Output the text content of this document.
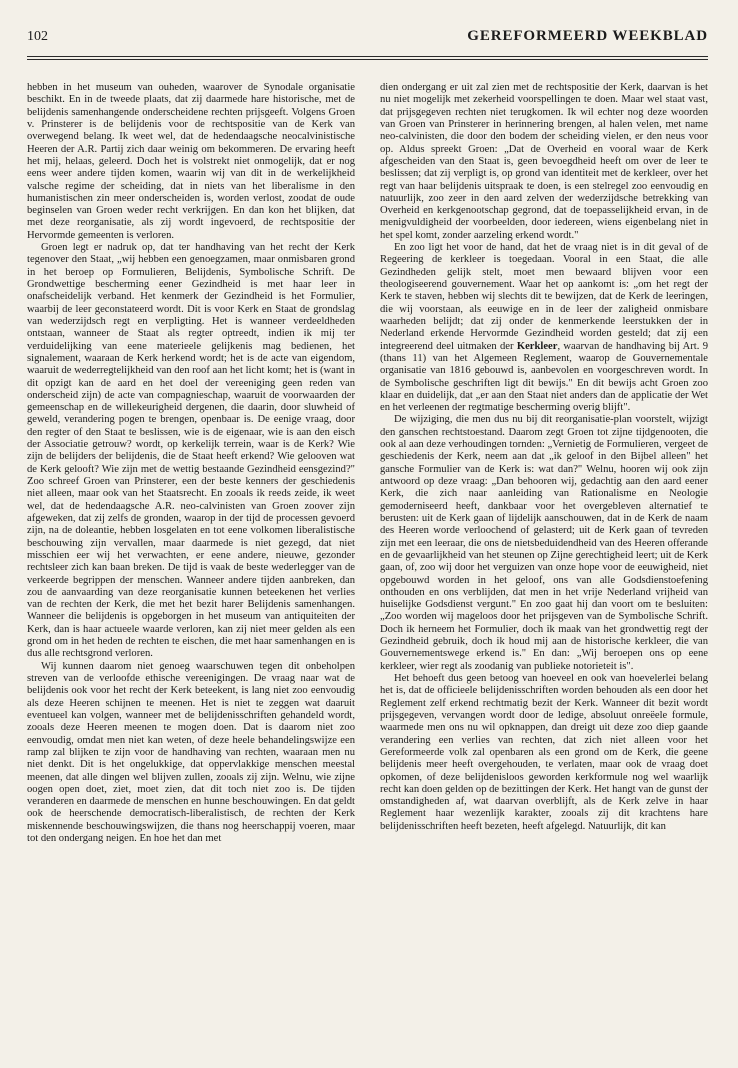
102	GEREFORMEERD WEEKBLAD

hebben in het museum van ouheden, waarover de Synodale organisatie beschikt. En in de tweede plaats, dat zij daarmede hare historische, met de belijdenis samenhangende onderscheidene rechten prijsgeeft. Volgens Groen v. Prinsterer is de belijdenis voor de rechtspositie van de Kerk van overwegend belang. Ik weet wel, dat de hedendaagsche neocalvinistische Heeren der A.R. Partij zich daar weinig om bekommeren. De ervaring heeft het mij, helaas, geleerd. Doch het is volstrekt niet onmogelijk, dat er nog eens weer andere tijden komen, waarin wij van dit in de werkelijkheid valsche regime der scheiding, dat in niets van het liberalisme in den humanistischen zin meer onderscheiden is, worden verlost, zoodat de oude beginselen van Groen weder recht verkrijgen. En dan kon het blijken, dat met deze reorganisatie, als zij wordt ingevoerd, de rechtspositie der Hervormde gemeenten is verloren.

Groen legt er nadruk op, dat ter handhaving van het recht der Kerk tegenover den Staat, „wij hebben een genoegzamen, maar onmisbaren grond in het beroep op Formulieren, Belijdenis, Symbolische Schrift. De Grondwettige bescherming eener Gezindheid is met haar leer in onafscheidelijk verband. Het kenmerk der Gezindheid is het Formulier, waarbij de leer geconstateerd wordt. Dit is voor Kerk en Staat de grondslag van wederzijdsch regt en verpligting. Het is wanneer verdeeldheden ontstaan, wanneer de Staat als regter optreedt, indien ik mij ter verduidelijking van eene materieele gelijkenis mag bedienen, het signalement, waaraan de Kerk herkend wordt; het is de acte van eigendom, waaruit de wederregtelijkheid van den roof aan het licht komt; het is (want in dit opzigt kan de aard en het doel der vereeniging geen reden van onderscheid zijn) de acte van compagnieschap, waaruit de voorwaarden der gemeenschap en de willekeurigheid dergenen, die daarin, door sluwheid of geweld, verandering pogen te brengen, openbaar is. De eenige vraag, door den regter of den Staat te beslissen, wie is de eigenaar, wie is aan den eisch der Associatie getrouw? wordt, op kerkelijk terrein, waar is de Kerk? Wie zijn de belijders der belijdenis, die de Staat heeft erkend? Wie gelooven wat de Kerk gelooft? Wie zijn met de wettig bestaande Gezindheid eensgezind?" Zoo schreef Groen van Prinsterer, een der beste kenners der geschiedenis niet alleen, maar ook van het Staatsrecht. En zooals ik reeds zeide, ik weet wel, dat de hedendaagsche A.R. neo-calvinisten van Groen zoover zijn afgeweken, dat zij zelfs de gronden, waarop in der tijd de processen gevoerd zijn, na de doleantie, hebben losgelaten en tot eene volkomen liberalistische beschouwing zijn vervallen, maar daarmede is niet gezegd, dat niet misschien eer wij het verwachten, er eene andere, nieuwe, gezonder rechtsleer zich kan baan breken. De tijd is vaak de beste wederlegger van de verkeerde begrippen der menschen. Wanneer andere tijden aanbreken, dan zou de aanvaarding van deze reorganisatie kunnen beteekenen het verlies van de rechten der Kerk, die met het bezit harer Belijdenis samenhangen. Wanneer die belijdenis is opgeborgen in het museum van antiquiteiten der Kerk, dan is haar actueele waarde verloren, kan zij niet meer gelden als een grond om in het heden de rechten te eischen, die met haar samenhangen en is dus alle rechtsgrond verloren.

Wij kunnen daarom niet genoeg waarschuwen tegen dit onbeholpen streven van de verloofde ethische vereenigingen. De vraag naar wat de belijdenis ook voor het recht der Kerk beteekent, is lang niet zoo eenvoudig als deze Heeren schijnen te meenen. Het is niet te zeggen wat daaruit eventueel kan volgen, wanneer met de belijdenisschriften gehandeld wordt, zooals deze Heeren meenen te mogen doen. Dat is daarom niet zoo eenvoudig, omdat men niet kan weten, of deze heele behandelingswijze een ramp zal blijken te zijn voor de handhaving van rechten, waaraan men nu niet denkt. Dit is het ongelukkige, dat oppervlakkige menschen meestal meenen, dat alle dingen wel blijven zullen, zooals zij zijn. Welnu, wie zijne oogen open doet, ziet, moet zien, dat dit toch niet zoo is. De tijden veranderen en daarmede de menschen en hunne beschouwingen. En dat geldt ook de heerschende democratisch-liberalistisch, de rechten der Kerk miskennende beschouwingswijzen, die thans nog heerschappij voeren, maar tot den ondergang neigen. En hoe het dan met

dien ondergang er uit zal zien met de rechtspositie der Kerk, daarvan is het nu niet mogelijk met zekerheid voorspellingen te doen. Maar wel staat vast, dat prijsgegeven rechten niet terugkomen. Ik wil echter nog deze woorden van Groen van Prinsterer in herinnering brengen, al halen velen, met name neo-calvinisten, die door den bodem der scheiding vielen, er den neus voor op. Aldus spreekt Groen: „Dat de Overheid en vooral waar de Kerk afgescheiden van den Staat is, geen bevoegdheid heeft om over de leer te beslissen; dat zij verpligt is, op grond van identiteit met de kerkleer, over het regt van haar belijdenis uitspraak te doen, is een stelregel zoo eenvoudig en natuurlijk, zoo zeer in den aard zelven der wederzijdsche betrekking van Overheid en kerkgenootschap gegrond, dat de toepasselijkheid ervan, in de menigvuldigheid der voorbeelden, door iedereen, wiens eigenbelang niet in het spel komt, zonder aarzeling erkend wordt."

En zoo ligt het voor de hand, dat het de vraag niet is in dit geval of de Regeering de kerkleer is toegedaan. Vooral in een Staat, die alle Gezindheden gelijk stelt, moet men bewaard blijven voor een theologiseerend gouvernement. Waar het op aankomt is: „om het regt der Kerk te staven, hebben wij slechts dit te bewijzen, dat de Kerk de leeringen, die wij voorstaan, als eeuwige en in de leer der zaligheid onmisbare waarheden belijdt; dat zij onder de kenmerkende leerstukken der in Nederland erkende Hervormde Gezindheid worden gesteld; dat zij een integreerend deel uitmaken der Kerkleer, waarvan de handhaving bij Art. 9 (thans 11) van het Algemeen Reglement, waarop de Gouvernementale organisatie van 1816 gebouwd is, aanbevolen en voorgeschreven wordt. In de Symbolische geschriften ligt dit bewijs." En dit bewijs acht Groen zoo klaar en duidelijk, dat „er aan den Staat niet anders dan de applicatie der Wet en het verleenen der regtmatige bescherming overig blijft".

De wijziging, die men dus nu bij dit reorganisatie-plan voorstelt, wijzigt den ganschen rechtstoestand. Daarom zegt Groen tot zijne tijdgenooten, die ook al aan deze verhoudingen tornden: „Vernietig de Formulieren, vergeet de geschiedenis der Kerk, neem aan dat „ik geloof in den Bijbel alleen" het gansche Formulier van de Kerk is: wat dan?" Welnu, hooren wij ook zijn antwoord op deze vraag: „Dan behooren wij, gedachtig aan den aard eener Kerk, die zich naar aanleiding van Rationalisme en Neologie gemoderniseerd heeft, dankbaar voor het overgebleven alternatief te berusten: uit de Kerk gaan of lijdelijk aanschouwen, dat in de Kerk de naam des Heeren worde verloochend of gelasterd; uit de Kerk gaan of tevreden zijn met een leeraar, die ons de nietsbeduidendheid van des Heeren offerande en de gevaarlijkheid van het steunen op Zijne gerechtigheid leert; uit de Kerk gaan, of, zoo wij door het verguizen van onze hope voor de eeuwigheid, niet opgebouwd worden in het geloof, ons van alle Godsdienstoefening onthouden en ons verblijden, dat men in het vrije Nederland vrijheid van huiselijke Godsdienst vergunt." En zoo gaat hij dan voort om te besluiten: „Zoo worden wij mageloos door het prijsgeven van de Symbolische Schrift. Doch ik herneem het Formulier, doch ik maak van het grondwettig regt der Gezindheid gebruik, doch ik houd mij aan de historische kerkleer, die van Gouvernementswege erkend is." En dan: „Wij beroepen ons op eene kerkleer, wier regt als zoodanig van publieke notorieteit is".

Het behoeft dus geen betoog van hoeveel en ook van hoevelerlei belang het is, dat de officieele belijdenisschriften worden behouden als een door het Reglement zelf erkend rechtmatig bezit der Kerk. Wanneer dit bezit wordt prijsgegeven, vervangen wordt door de ledige, absoluut onreëele formule, waarmede men ons nu wil opknappen, dan dreigt uit deze zoo diep gaande verandering een verlies van rechten, dat zich niet alleen voor het Gereformeerde volk zal openbaren als een grond om de Kerk, die geene belijdenis meer heeft overgehouden, te verlaten, maar ook de vraag doet opkomen, of deze belijdenisloos geworden kerkformule nog wel waarlijk recht kan doen gelden op de bezittingen der Kerk. Het hangt van de gunst der omstandigheden af, wat daarvan overblijft, als de Kerk zelve in haar Reglement haar wezenlijk karakter, zooals zij dit krachtens hare belijdenisschriften heeft bezeten, heeft afgelegd. Natuurlijk, dit kan
